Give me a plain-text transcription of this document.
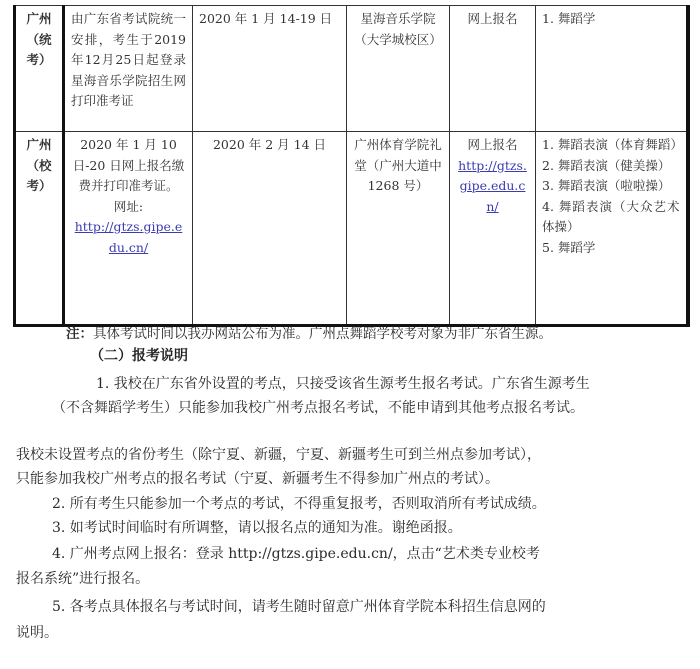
广州
（统
考）	由广东省考试院统一安排，考生于2019年12月25日起登录星海音乐学院招生网打印准考证	2020 年 1 月 14-19 日	星海音乐学院（大学城校区）	网上报名	1. 舞蹈学

广州
（校
考）	2020 年 1 月 10 日-20 日网上报名缴费并打印准考证。
网址:
http://gtzs.gipe.edu.cn/	2020 年 2 月 14 日	广州体育学院礼堂（广州大道中 1268 号）	网上报名
http://gtzs.gipe.edu.cn/	1. 舞蹈表演（体育舞蹈）
2. 舞蹈表演（健美操）
3. 舞蹈表演（啦啦操）
4. 舞蹈表演（大众艺术体操）
5. 舞蹈学
注：具体考试时间以我办网站公布为准。广州点舞蹈学校考对象为非广东省生源。
（二）报考说明
1. 我校在广东省外设置的考点，只接受该省生源考生报名考试。广东省生源考生
（不含舞蹈学考生）只能参加我校广州考点报名考试，不能申请到其他考点报名考试。
我校未设置考点的省份考生（除宁夏、新疆，宁夏、新疆考生可到兰州点参加考试），
只能参加我校广州考点的报名考试（宁夏、新疆考生不得参加广州点的考试）。
2. 所有考生只能参加一个考点的考试，不得重复报考，否则取消所有考试成绩。
3. 如考试时间临时有所调整，请以报名点的通知为准。谢绝函报。
4. 广州考点网上报名：登录 http://gtzs.gipe.edu.cn/，点击“艺术类专业校考
报名系统”进行报名。
5. 各考点具体报名与考试时间，请考生随时留意广州体育学院本科招生信息网的
说明。
